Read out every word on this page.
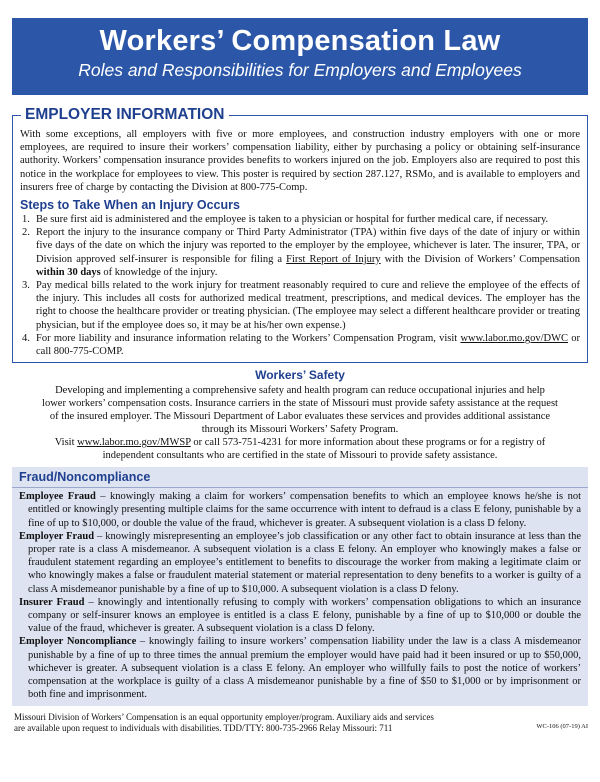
Workers’ Compensation Law
Roles and Responsibilities for Employers and Employees
EMPLOYER INFORMATION

With some exceptions, all employers with five or more employees, and construction industry employers with one or more employees, are required to insure their workers’ compensation liability, either by purchasing a policy or obtaining self-insurance authority. Workers’ compensation insurance provides benefits to workers injured on the job. Employers also are required to post this notice in the workplace for employees to view. This poster is required by section 287.127, RSMo, and is available to employers and insurers free of charge by contacting the Division at 800-775-Comp.

Steps to Take When an Injury Occurs
1. Be sure first aid is administered and the employee is taken to a physician or hospital for further medical care, if necessary.
2. Report the injury to the insurance company or Third Party Administrator (TPA) within five days of the date of injury or within five days of the date on which the injury was reported to the employer by the employee, whichever is later. The insurer, TPA, or Division approved self-insurer is responsible for filing a First Report of Injury with the Division of Workers’ Compensation within 30 days of knowledge of the injury.
3. Pay medical bills related to the work injury for treatment reasonably required to cure and relieve the employee of the effects of the injury. This includes all costs for authorized medical treatment, prescriptions, and medical devices. The employer has the right to choose the healthcare provider or treating physician. (The employee may select a different healthcare provider or treating physician, but if the employee does so, it may be at his/her own expense.)
4. For more liability and insurance information relating to the Workers’ Compensation Program, visit www.labor.mo.gov/DWC or call 800-775-COMP.
Workers’ Safety

Developing and implementing a comprehensive safety and health program can reduce occupational injuries and help lower workers’ compensation costs. Insurance carriers in the state of Missouri must provide safety assistance at the request of the insured employer. The Missouri Department of Labor evaluates these services and provides additional assistance through its Missouri Workers’ Safety Program.

Visit www.labor.mo.gov/MWSP or call 573-751-4231 for more information about these programs or for a registry of independent consultants who are certified in the state of Missouri to provide safety assistance.

Fraud/Noncompliance

Employee Fraud – knowingly making a claim for workers’ compensation benefits to which an employee knows he/she is not entitled or knowingly presenting multiple claims for the same occurrence with intent to defraud is a class E felony, punishable by a fine of up to $10,000, or double the value of the fraud, whichever is greater. A subsequent violation is a class D felony.

Employer Fraud – knowingly misrepresenting an employee’s job classification or any other fact to obtain insurance at less than the proper rate is a class A misdemeanor. A subsequent violation is a class E felony. An employer who knowingly makes a false or fraudulent statement regarding an employee’s entitlement to benefits to discourage the worker from making a legitimate claim or who knowingly makes a false or fraudulent material statement or material representation to deny benefits to a worker is guilty of a class A misdemeanor punishable by a fine of up to $10,000. A subsequent violation is a class D felony.

Insurer Fraud – knowingly and intentionally refusing to comply with workers’ compensation obligations to which an insurance company or self-insurer knows an employee is entitled is a class E felony, punishable by a fine of up to $10,000 or double the value of the fraud, whichever is greater. A subsequent violation is a class D felony.

Employer Noncompliance – knowingly failing to insure workers’ compensation liability under the law is a class A misdemeanor punishable by a fine of up to three times the annual premium the employer would have paid had it been insured or up to $50,000, whichever is greater. A subsequent violation is a class E felony. An employer who willfully fails to post the notice of workers’ compensation at the workplace is guilty of a class A misdemeanor punishable by a fine of $50 to $1,000 or by imprisonment or both fine and imprisonment.

Missouri Division of Workers’ Compensation is an equal opportunity employer/program. Auxiliary aids and services
are available upon request to individuals with disabilities. TDD/TTY: 800-735-2966 Relay Missouri: 711	WC-106 (07-19) AI
